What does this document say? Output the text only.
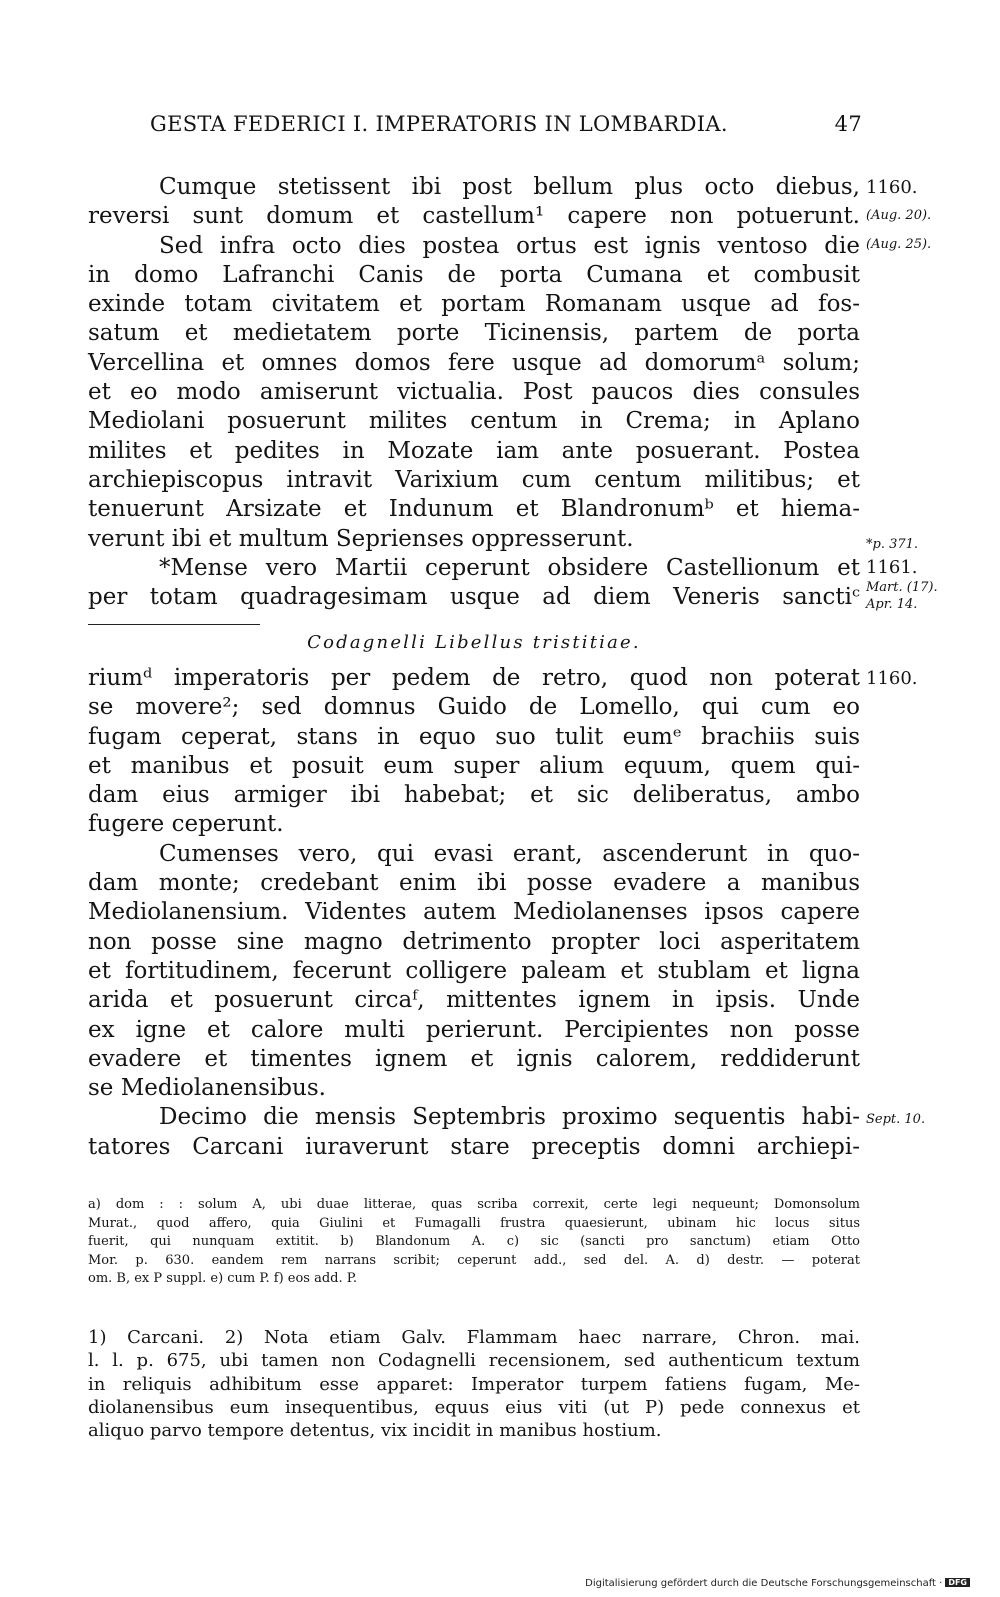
GESTA FEDERICI I. IMPERATORIS IN LOMBARDIA.	47
Cumque stetissent ibi post bellum plus octo diebus,
reversi sunt domum et castellum¹ capere non potuerunt.
Sed infra octo dies postea ortus est ignis ventoso die
in domo Lafranchi Canis de porta Cumana et combusit
exinde totam civitatem et portam Romanam usque ad fos-
satum et medietatem porte Ticinensis, partem de porta
Vercellina et omnes domos fere usque ad domorumᵃ solum;
et eo modo amiserunt victualia. Post paucos dies consules
Mediolani posuerunt milites centum in Crema; in Aplano
milites et pedites in Mozate iam ante posuerant. Postea
archiepiscopus intravit Varixium cum centum militibus; et
tenuerunt Arsizate et Indunum et Blandronumᵇ et hiema-
verunt ibi et multum Seprienses oppresserunt.
*Mense vero Martii ceperunt obsidere Castellionum et
per totam quadragesimam usque ad diem Veneris sanctiᶜ
1160.
(Aug. 20).
(Aug. 25).
*p. 371.
1161.
Mart. (17).
Apr. 14.
Codagnelli Libellus tristitiae.
riumᵈ imperatoris per pedem de retro, quod non poterat
se movere²; sed domnus Guido de Lomello, qui cum eo
fugam ceperat, stans in equo suo tulit eumᵉ brachiis suis
et manibus et posuit eum super alium equum, quem qui-
dam eius armiger ibi habebat; et sic deliberatus, ambo
fugere ceperunt.
Cumenses vero, qui evasi erant, ascenderunt in quo-
dam monte; credebant enim ibi posse evadere a manibus
Mediolanensium. Videntes autem Mediolanenses ipsos capere
non posse sine magno detrimento propter loci asperitatem
et fortitudinem, fecerunt colligere paleam et stublam et ligna
arida et posuerunt circaᶠ, mittentes ignem in ipsis. Unde
ex igne et calore multi perierunt. Percipientes non posse
evadere et timentes ignem et ignis calorem, reddiderunt
se Mediolanensibus.
Decimo die mensis Septembris proximo sequentis habi-
tatores Carcani iuraverunt stare preceptis domni archiepi-
1160.
Sept. 10.
a) dom : : solum A, ubi duae litterae, quas scriba correxit, certe legi nequeunt; Domonsolum
Murat., quod affero, quia Giulini et Fumagalli frustra quaesierunt, ubinam hic locus situs
fuerit, qui nunquam extitit. b) Blandonum A. c) sic (sancti pro sanctum) etiam Otto
Mor. p. 630. eandem rem narrans scribit; ceperunt add., sed del. A. d) destr. — poterat
om. B, ex P suppl. e) cum P. f) eos add. P.
1) Carcani. 2) Nota etiam Galv. Flammam haec narrare, Chron. mai.
l. l. p. 675, ubi tamen non Codagnelli recensionem, sed authenticum textum
in reliquis adhibitum esse apparet: Imperator turpem fatiens fugam, Me-
diolanensibus eum insequentibus, equus eius viti (ut P) pede connexus et
aliquo parvo tempore detentus, vix incidit in manibus hostium.
Digitalisierung gefördert durch die Deutsche Forschungsgemeinschaft · DFG
